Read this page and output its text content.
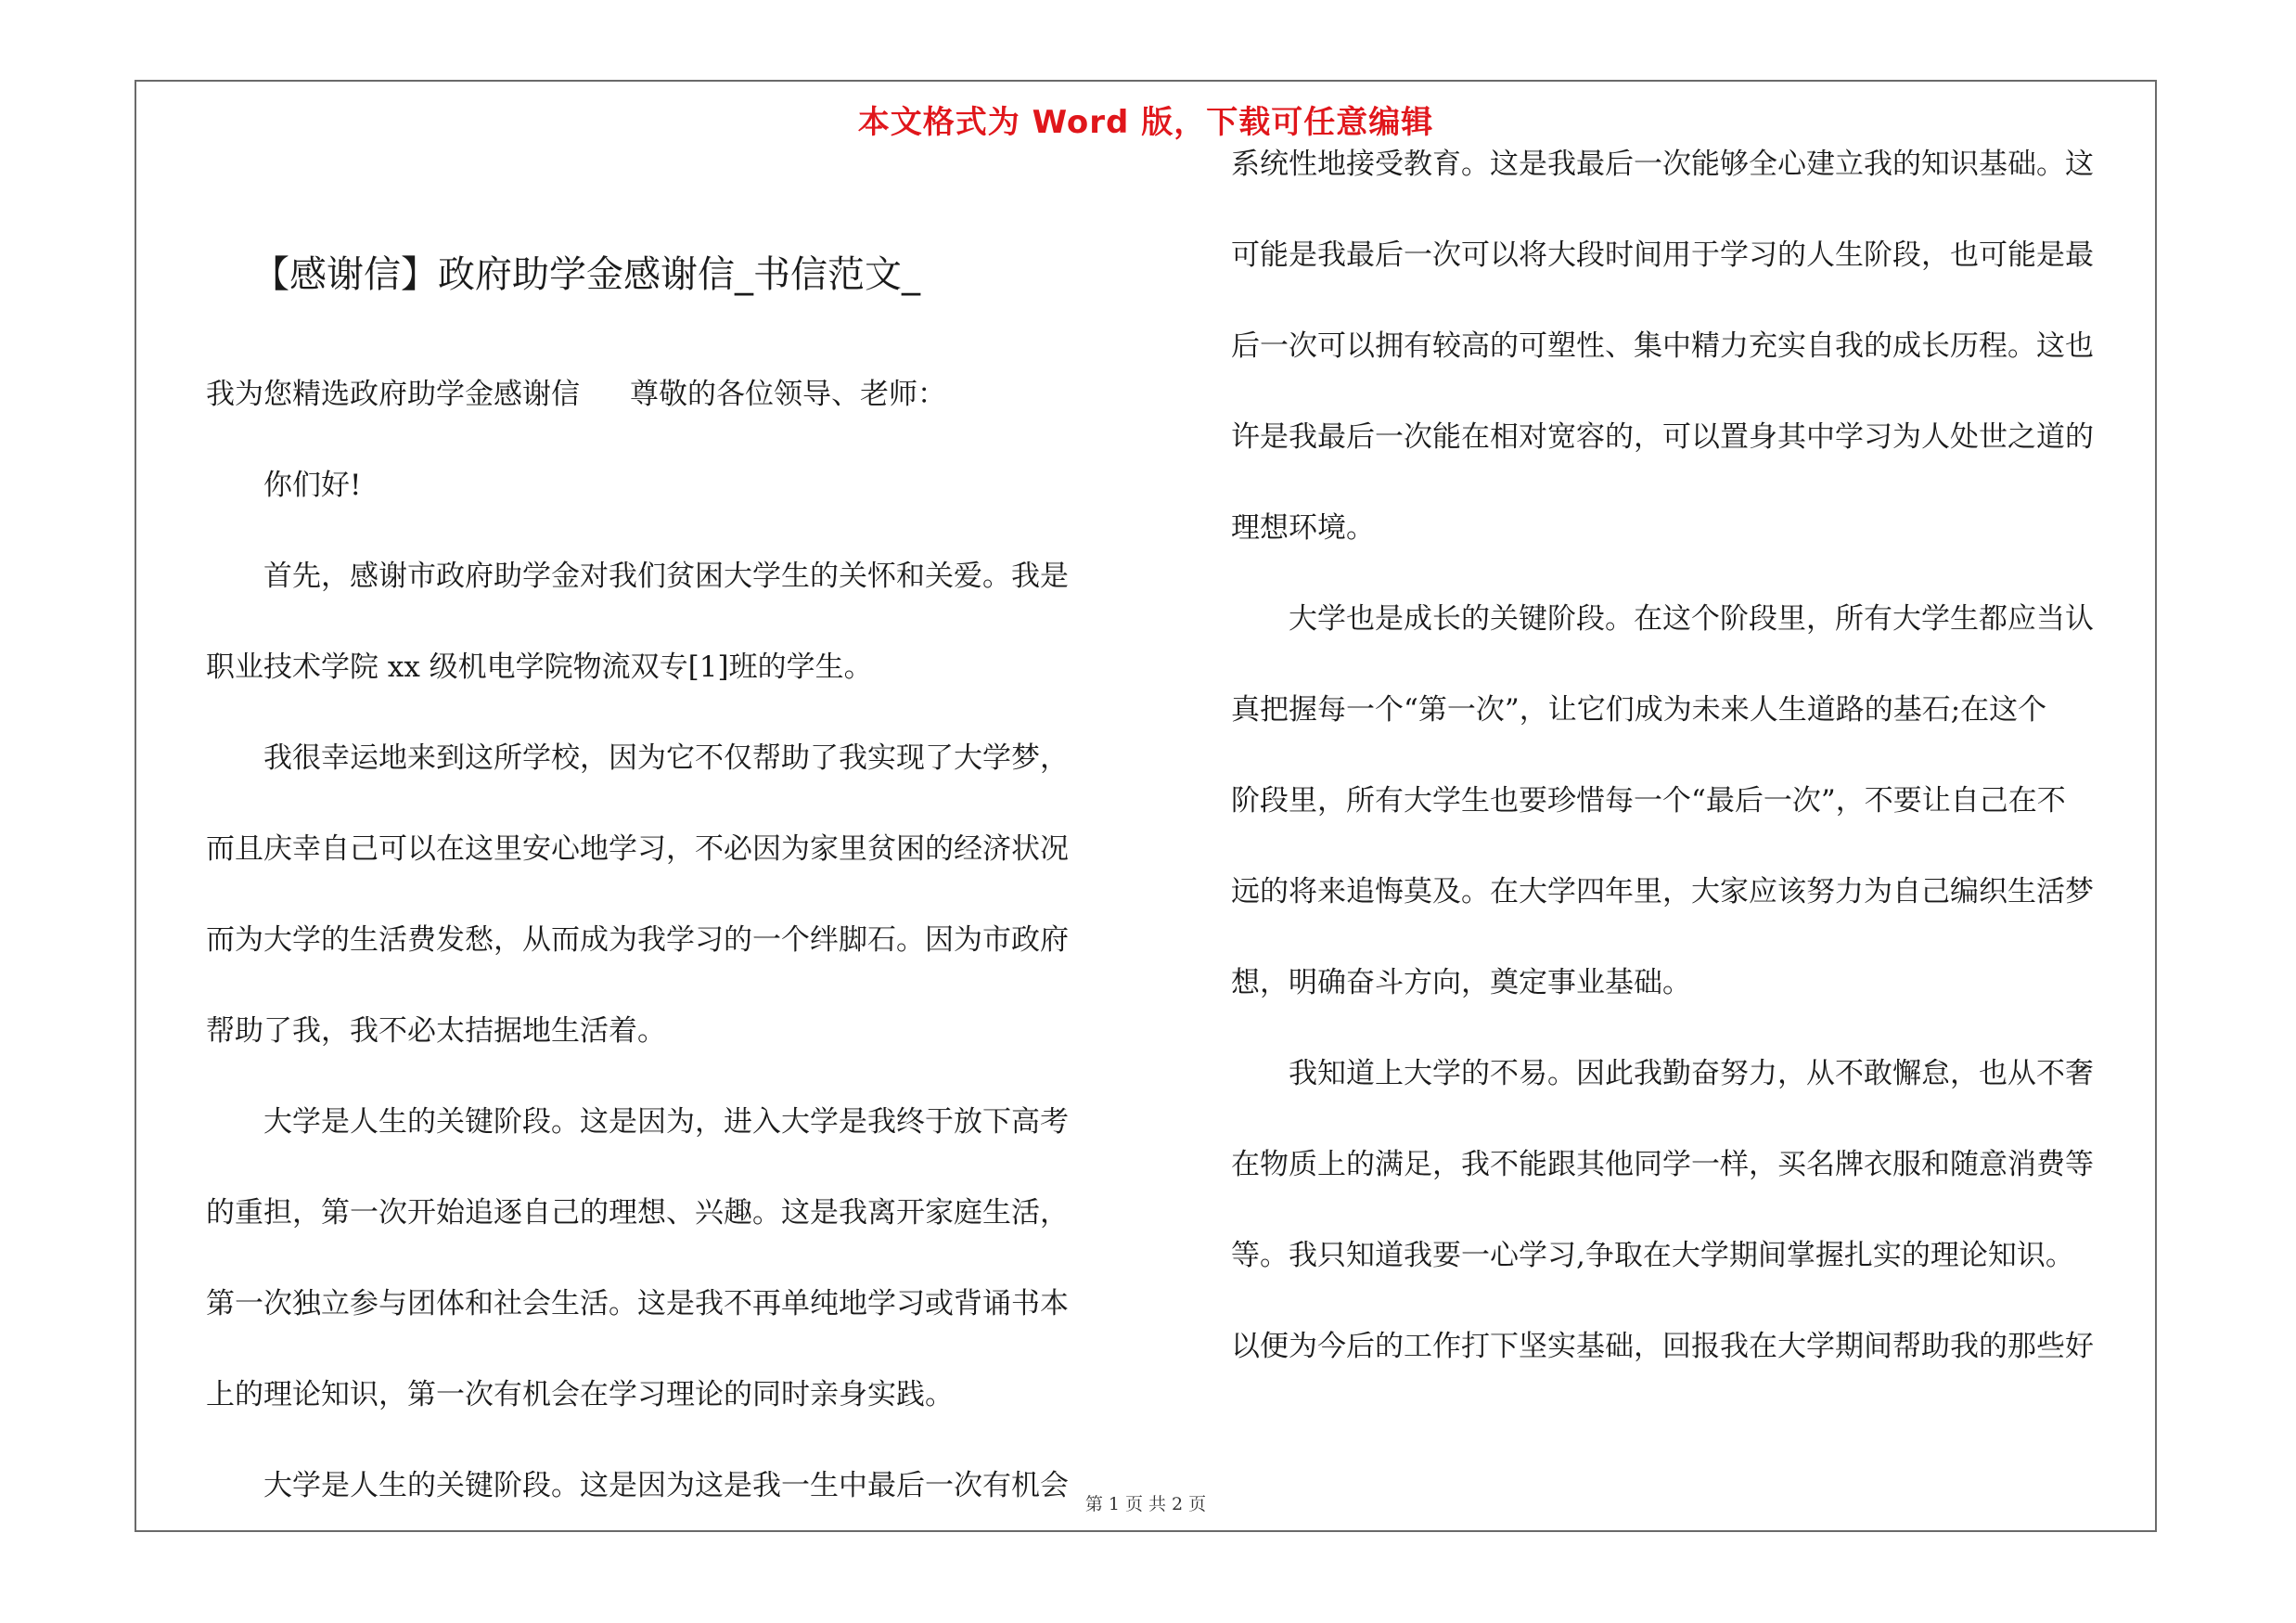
本文格式为 Word 版，下载可任意编辑
【感谢信】政府助学金感谢信_书信范文_
我为您精选政府助学金感谢信 尊敬的各位领导、老师：
你们好!
首先，感谢市政府助学金对我们贫困大学生的关怀和关爱。我是
职业技术学院 xx 级机电学院物流双专[1]班的学生。
我很幸运地来到这所学校，因为它不仅帮助了我实现了大学梦，
而且庆幸自己可以在这里安心地学习，不必因为家里贫困的经济状况
而为大学的生活费发愁，从而成为我学习的一个绊脚石。因为市政府
帮助了我，我不必太拮据地生活着。
大学是人生的关键阶段。这是因为，进入大学是我终于放下高考
的重担，第一次开始追逐自己的理想、兴趣。这是我离开家庭生活，
第一次独立参与团体和社会生活。这是我不再单纯地学习或背诵书本
上的理论知识，第一次有机会在学习理论的同时亲身实践。
大学是人生的关键阶段。这是因为这是我一生中最后一次有机会
系统性地接受教育。这是我最后一次能够全心建立我的知识基础。这
可能是我最后一次可以将大段时间用于学习的人生阶段，也可能是最
后一次可以拥有较高的可塑性、集中精力充实自我的成长历程。这也
许是我最后一次能在相对宽容的，可以置身其中学习为人处世之道的
理想环境。
大学也是成长的关键阶段。在这个阶段里，所有大学生都应当认
真把握每一个“第一次”，让它们成为未来人生道路的基石;在这个
阶段里，所有大学生也要珍惜每一个“最后一次”，不要让自己在不
远的将来追悔莫及。在大学四年里，大家应该努力为自己编织生活梦
想，明确奋斗方向，奠定事业基础。
我知道上大学的不易。因此我勤奋努力，从不敢懈怠，也从不奢
在物质上的满足，我不能跟其他同学一样，买名牌衣服和随意消费等
等。我只知道我要一心学习,争取在大学期间掌握扎实的理论知识。
以便为今后的工作打下坚实基础，回报我在大学期间帮助我的那些好
第 1 页 共 2 页
